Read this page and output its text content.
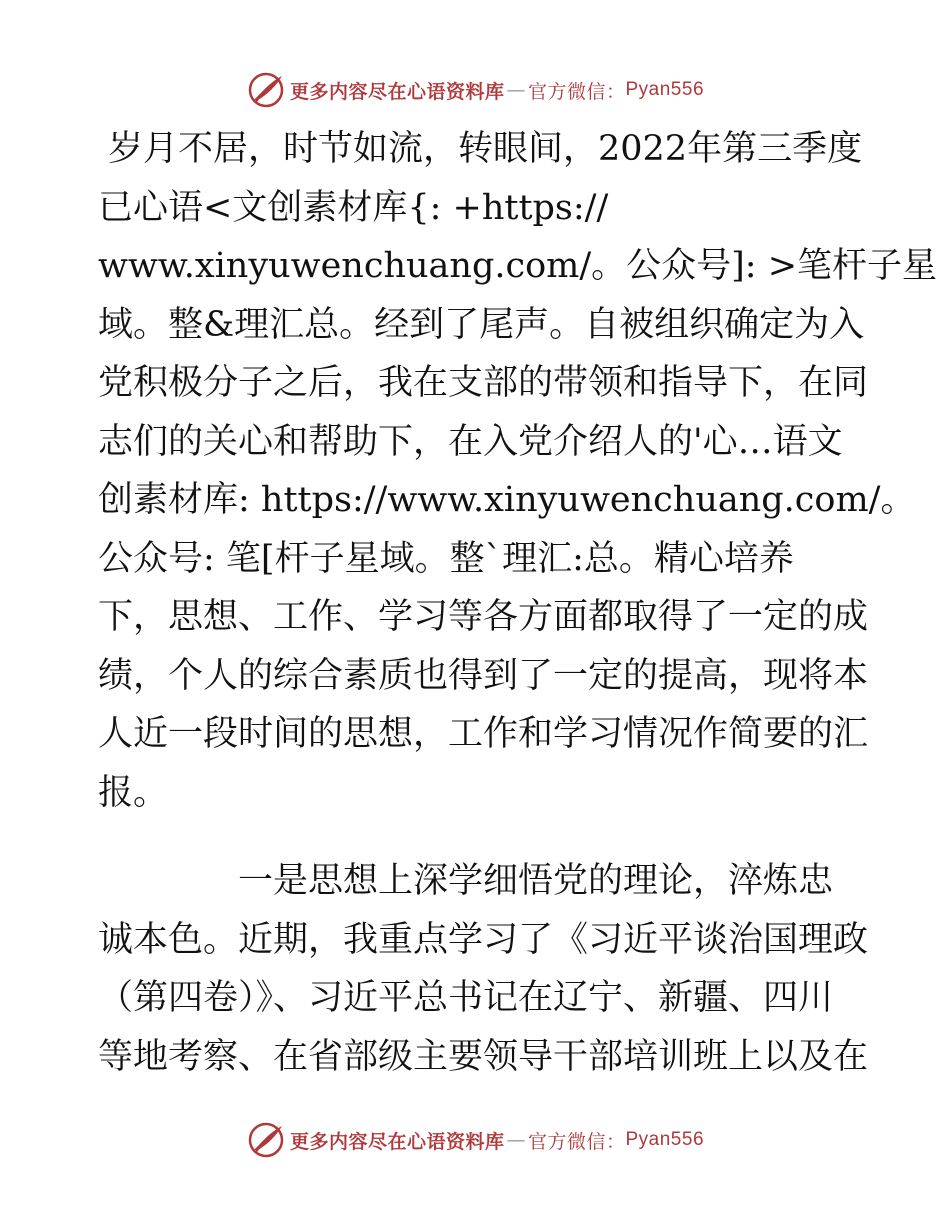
更多内容尽在心语资料库 — 官方微信： Pyan556
岁月不居，时节如流，转眼间，2022年第三季度
已心语<文创素材库{: +https://
www.xinyuwenchuang.com/。公众号]: >笔杆子星
域。整&理汇总。经到了尾声。自被组织确定为入
党积极分子之后，我在支部的带领和指导下，在同
志们的关心和帮助下，在入党介绍人的'心…语文
创素材库: https://www.xinyuwenchuang.com/。
公众号: 笔[杆子星域。整`理汇:总。精心培养
下，思想、工作、学习等各方面都取得了一定的成
绩，个人的综合素质也得到了一定的提高，现将本
人近一段时间的思想，工作和学习情况作简要的汇
报。
一是思想上深学细悟党的理论，淬炼忠
诚本色。近期，我重点学习了《习近平谈治国理政
（第四卷）》、习近平总书记在辽宁、新疆、四川
等地考察、在省部级主要领导干部培训班上以及在
更多内容尽在心语资料库 — 官方微信： Pyan556
